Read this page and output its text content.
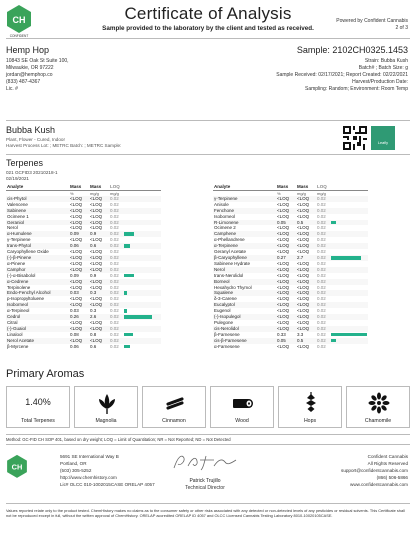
CH
CONFIDENT
Certificate of Analysis
Sample provided to the laboratory by the client and tested as received.
Powered by Confident Cannabis
2 of 3
Hemp Hop
10843 SE Oak St Suite 100,
Milwaukie, OR 97222
jordan@hemphop.co
(833) 487-4367
Lic. #
Sample: 2102CH0325.1453
Strain: Bubba Kush
Batch# ; Batch Size: g
Sample Received: 02/17/2021; Report Created: 02/22/2021
Harvest/Production Date:
Sampling: Random; Environment: Room Temp
Bubba Kush
Plant, Flower - Cured, Indoor
Harvest Process Lot: ; METRC Batch: ; METRC Sample:	Leafly
Terpenes
021 GCFID3 20210218-1
02/19/2021
Analyte	Mass	Mass	LOQ	
	%	mg/g	mg/g	
cis-Phytol	<LOQ	<LOQ	0.02	
Valencene	<LOQ	<LOQ	0.02	
Sabinene	<LOQ	<LOQ	0.02	
Ocimene 1	<LOQ	<LOQ	0.02	
Geraniol	<LOQ	<LOQ	0.02	
Nerol	<LOQ	<LOQ	0.02	
α-Humulene	0.09	0.9	0.02	
γ-Terpinene	<LOQ	<LOQ	0.02	
trans-Phytol	0.06	0.6	0.02	
Caryophyllene Oxide	<LOQ	<LOQ	0.02	
(-)-β-Pinene	<LOQ	<LOQ	0.02	
α-Pinene	<LOQ	<LOQ	0.02	
Camphor	<LOQ	<LOQ	0.02	
(-)-α-Bisabolol	0.09	0.9	0.02	
α-Cedrene	<LOQ	<LOQ	0.02	
Terpinolene	<LOQ	<LOQ	0.02	
Endo-Fenchyl Alcohol	0.03	0.3	0.02	
p-Isopropyltoluene	<LOQ	<LOQ	0.02	
Isoborneol	<LOQ	<LOQ	0.02	
α-Terpineol	0.03	0.3	0.02	
Cedrol	0.26	2.6	0.02	
Citral	<LOQ	<LOQ	0.02	
(-)-Guaiol	<LOQ	<LOQ	0.02	
Linalool	0.08	0.8	0.02	
Nerol Acetate	<LOQ	<LOQ	0.02	
β-Myrcene	0.06	0.6	0.02	
Analyte	Mass	Mass	LOQ	
	%	mg/g	mg/g	
γ-Terpinene	<LOQ	<LOQ	0.02	
Anisole	<LOQ	<LOQ	0.02	
Fenchone	<LOQ	<LOQ	0.02	
Isoborneol	<LOQ	<LOQ	0.02	
R-Limonene	0.05	0.5	0.02	
Ocimene 2	<LOQ	<LOQ	0.02	
Camphene	<LOQ	<LOQ	0.02	
α-Phellandrene	<LOQ	<LOQ	0.02	
α-Terpinene	<LOQ	<LOQ	0.02	
Geranyl Acetate	<LOQ	<LOQ	0.02	
β-Caryophyllene	0.27	2.7	0.02	
Sabinene Hydrate	<LOQ	<LOQ	0.02	
Nerol	<LOQ	<LOQ	0.02	
trans-Nerolidol	<LOQ	<LOQ	0.02	
Borneol	<LOQ	<LOQ	0.02	
Hexahydro Thymol	<LOQ	<LOQ	0.02	
Squalene	<LOQ	<LOQ	0.02	
δ-3-Carene	<LOQ	<LOQ	0.02	
Eucalyptol	<LOQ	<LOQ	0.02	
Eugenol	<LOQ	<LOQ	0.02	
(-)-Isopulegol	<LOQ	<LOQ	0.02	
Pulegone	<LOQ	<LOQ	0.02	
cis-Nerolidol	<LOQ	<LOQ	0.02	
β-Farnesene	0.33	3.3	0.02	
cis-β-Farnesene	0.05	0.5	0.02	
α-Farnesene	<LOQ	<LOQ	0.02	
Primary Aromas
1.40%
Total Terpenes	Magnolia	Cinnamon	Wood	Hops	Chamomile
Method: GC-FID CH SOP 401, based on dry weight; LOQ = Limit of Quantitation; NR = Not Reported; ND = Not Detected
CH
5691 SE International Way B
Portland, OR
(503) 305-5252
http://www.chemhistory.com
Lic# OLCC 010-1002015CASE ORELAP 4057
Patrick Trujillo
Technical Director
Confident Cannabis
All Rights Reserved
support@confidentcannabis.com
(866) 506-5866
www.confidentcannabis.com
Values reported relate only to the product tested. ChemHistory makes no claims as to the consumer safety or other risks associated with any detected or non-detected levels of any pesticides or residual solvents. This Certificate shall not be reproduced except in full, without the written approval of ChemHistory. ORELAP accredited ORELAP ID 4057 and OLCC Licensed Cannabis Testing Laboratory 8010-10020105CASE.
